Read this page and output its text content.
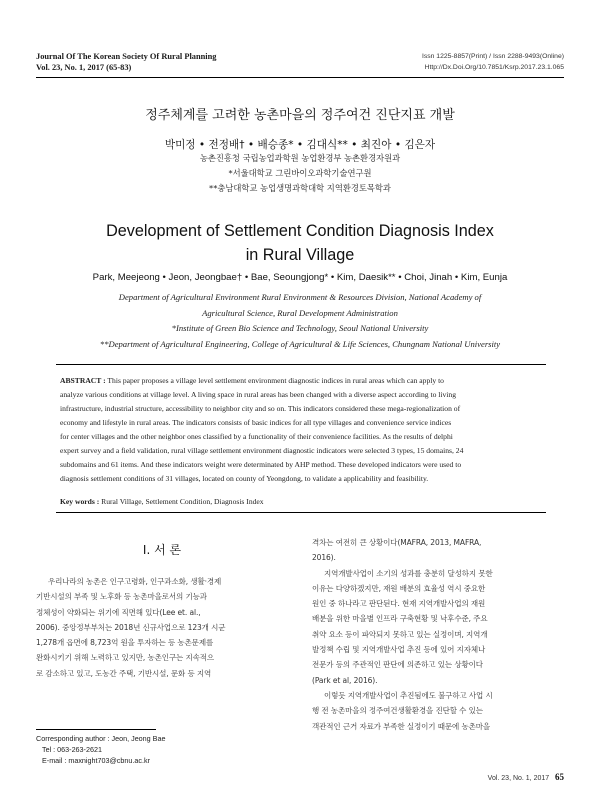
Journal Of The Korean Society Of Rural Planning
Vol. 23, No. 1, 2017 (65-83)
Issn 1225-8857(Print) / Issn 2288-9493(Online)
Http://Dx.Doi.Org/10.7851/Ksrp.2017.23.1.065
정주체계를 고려한 농촌마을의 정주여건 진단지표 개발
박미정 • 전정배† • 배승종* • 김대식** • 최진아 • 김은자
농촌진흥청 국립농업과학원 농업환경부 농촌환경자원과
*서울대학교 그린바이오과학기술연구원
**충남대학교 농업생명과학대학 지역환경토목학과
Development of Settlement Condition Diagnosis Index
in Rural Village
Park, Meejeong • Jeon, Jeongbae† • Bae, Seoungjong* • Kim, Daesik** • Choi, Jinah • Kim, Eunja
Department of Agricultural Environment Rural Environment & Resources Division, National Academy of
Agricultural Science, Rural Development Administration
*Institute of Green Bio Science and Technology, Seoul National University
**Department of Agricultural Engineering, College of Agricultural & Life Sciences, Chungnam National University
ABSTRACT : This paper proposes a village level settlement environment diagnostic indices in rural areas which can apply to
analyze various conditions at village level. A living space in rural areas has been changed with a diverse aspect according to living
infrastructure, industrial structure, accessibility to neighbor city and so on. This indicators considered these mega-regionalization of
economy and lifestyle in rural areas. The indicators consists of basic indices for all type villages and convenience service indices
for center villages and the other neighbor ones classified by a functionality of their convenience facilities. As the results of delphi
expert survey and a field validation, rural village settlement environment diagnostic indicators were selected 3 types, 15 domains, 24
subdomains and 61 items. And these indicators weight were determinated by AHP method. These developed indicators were used to
diagnosis settlement conditions of 31 villages, located on county of Yeongdong, to validate a applicability and feasibility.
Key words : Rural Village, Settlement Condition, Diagnosis Index
Ⅰ. 서 론
우리나라의 농촌은 인구고령화, 인구과소화, 생활·경제
기반시설의 부족 및 노후화 등 농촌마을로서의 기능과
정체성이 약화되는 위기에 직면해 있다(Lee et. al.,
2006). 중앙정부부처는 2018년 신규사업으로 123개 시군
1,278개 읍면에 8,723억 원을 투자하는 등 농촌문제를
완화시키기 위해 노력하고 있지만, 농촌인구는 지속적으
로 감소하고 있고, 도농간 주택, 기반시설, 문화 등 지역
Corresponding author : Jeon, Jeong Bae
Tel : 063-263-2621
E-mail : maxnight703@cbnu.ac.kr
격차는 여전히 큰 상황이다(MAFRA, 2013, MAFRA,
2016).
지역개발사업이 소기의 성과를 충분히 달성하지 못한
이유는 다양하겠지만, 재원 배분의 효율성 역시 중요한
원인 중 하나라고 판단된다. 현재 지역개발사업의 재원
배분을 위한 마을별 인프라 구축현황 및 낙후수준, 주요
취약 요소 등이 파악되지 못하고 있는 실정이며, 지역개
발정책 수립 및 지역개발사업 추진 등에 있어 지자체나
전문가 등의 주관적인 판단에 의존하고 있는 상황이다
(Park et al, 2016).
이렇듯 지역개발사업이 추진됨에도 불구하고 사업 시
행 전 농촌마을의 정주여건생활환경을 진단할 수 있는
객관적인 근거 자료가 부족한 실정이기 때문에 농촌마을
Vol. 23, No. 1, 2017 65
